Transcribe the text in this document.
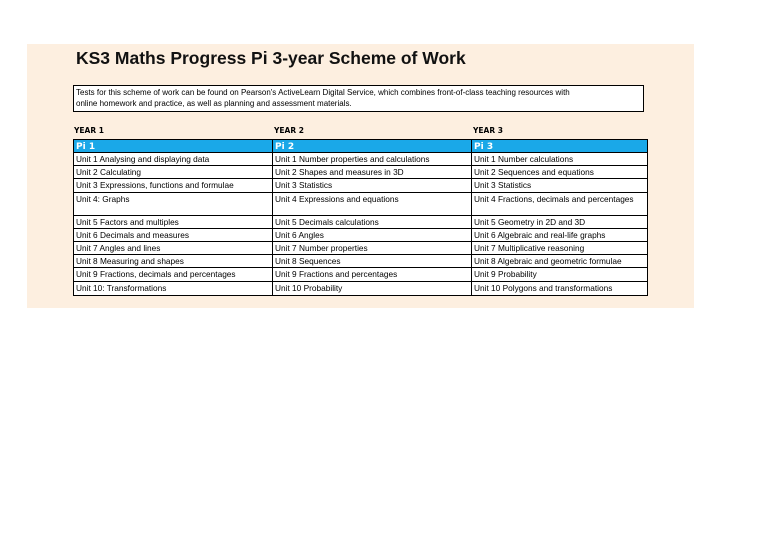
KS3 Maths Progress Pi 3-year Scheme of Work
Tests for this scheme of work can be found on Pearson's ActiveLearn Digital Service, which combines front-of-class teaching resources with
online homework and practice, as well as planning and assessment materials.
YEAR 1	YEAR 2	YEAR 3
Pi 1
Unit 1 Analysing and displaying data
Unit 2 Calculating
Unit 3 Expressions, functions and formulae
Unit 4: Graphs
Unit 5 Factors and multiples
Unit 6 Decimals and measures
Unit 7 Angles and lines
Unit 8 Measuring and shapes
Unit 9 Fractions, decimals and percentages
Unit 10: Transformations
Pi 2
Unit 1 Number properties and calculations
Unit 2 Shapes and measures in 3D
Unit 3 Statistics
Unit 4 Expressions and equations
Unit 5 Decimals calculations
Unit 6 Angles
Unit 7 Number properties
Unit 8 Sequences
Unit 9 Fractions and percentages
Unit 10 Probability
Pi 3
Unit 1 Number calculations
Unit 2 Sequences and equations
Unit 3 Statistics
Unit 4 Fractions, decimals and percentages
Unit 5 Geometry in 2D and 3D
Unit 6 Algebraic and real-life graphs
Unit 7 Multiplicative reasoning
Unit 8 Algebraic and geometric formulae
Unit 9 Probability
Unit 10 Polygons and transformations
